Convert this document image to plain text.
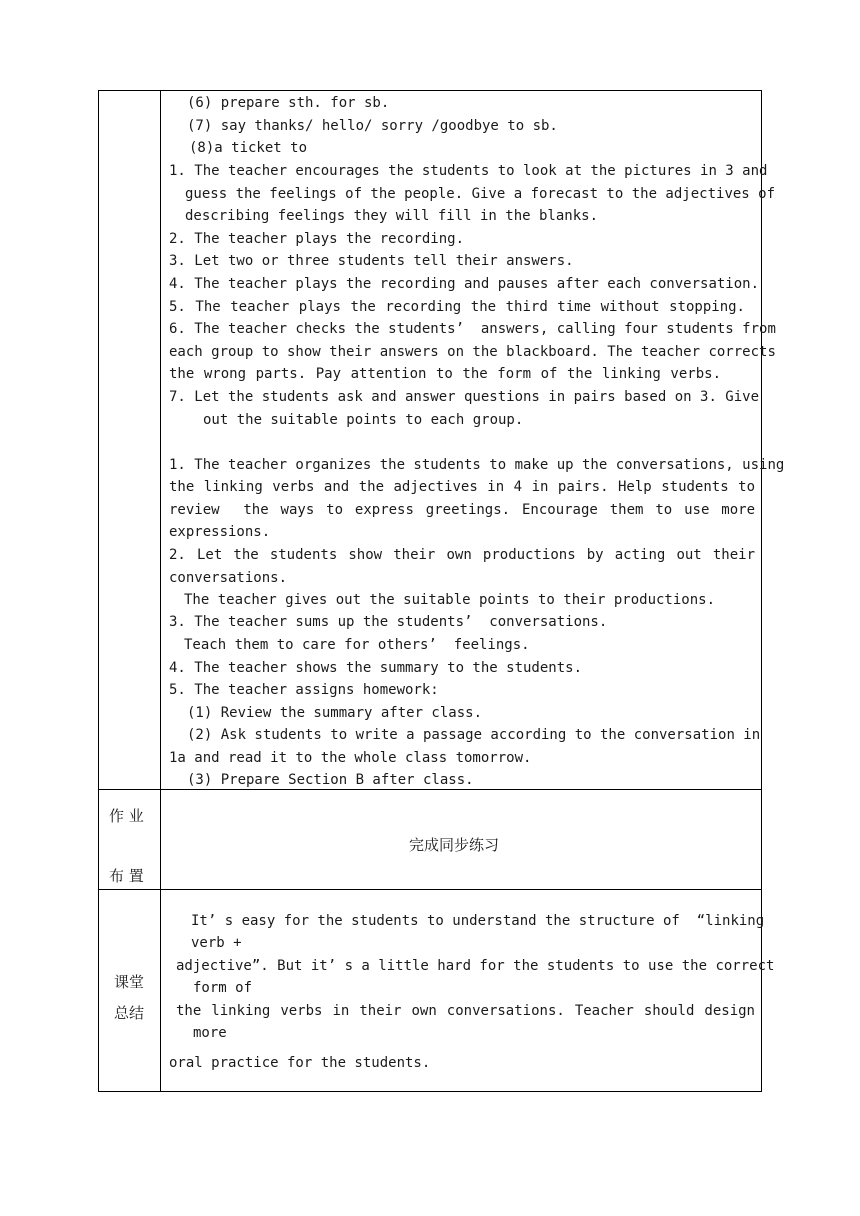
(6) prepare sth. for sb.
(7) say thanks/ hello/ sorry /goodbye to sb.
(8)a ticket to
1. The teacher encourages the students to look at the pictures in 3 and
guess the feelings of the people. Give a forecast to the adjectives of
describing feelings they will fill in the blanks.
2. The teacher plays the recording.
3. Let two or three students tell their answers.
4. The teacher plays the recording and pauses after each conversation.
5. The teacher plays the recording the third time without stopping.
6. The teacher checks the students’  answers, calling four students from
each group to show their answers on the blackboard. The teacher corrects
the wrong parts. Pay attention to the form of the linking verbs.
7. Let the students ask and answer questions in pairs based on 3. Give
out the suitable points to each group.
1. The teacher organizes the students to make up the conversations, using
the linking verbs and the adjectives in 4 in pairs. Help students to
review  the ways to express greetings. Encourage them to use more
expressions.
2. Let the students show their own productions by acting out their
conversations.
The teacher gives out the suitable points to their productions.
3. The teacher sums up the students’  conversations.
Teach them to care for others’  feelings.
4. The teacher shows the summary to the students.
5. The teacher assigns homework:
(1) Review the summary after class.
(2) Ask students to write a passage according to the conversation in
1a and read it to the whole class tomorrow.
(3) Prepare Section B after class.
作 业
布 置
完成同步练习
课堂
总结
It’ s easy for the students to understand the structure of  “linking
verb +
adjective”. But it’ s a little hard for the students to use the correct
form of
the linking verbs in their own conversations. Teacher should design
more
oral practice for the students.
